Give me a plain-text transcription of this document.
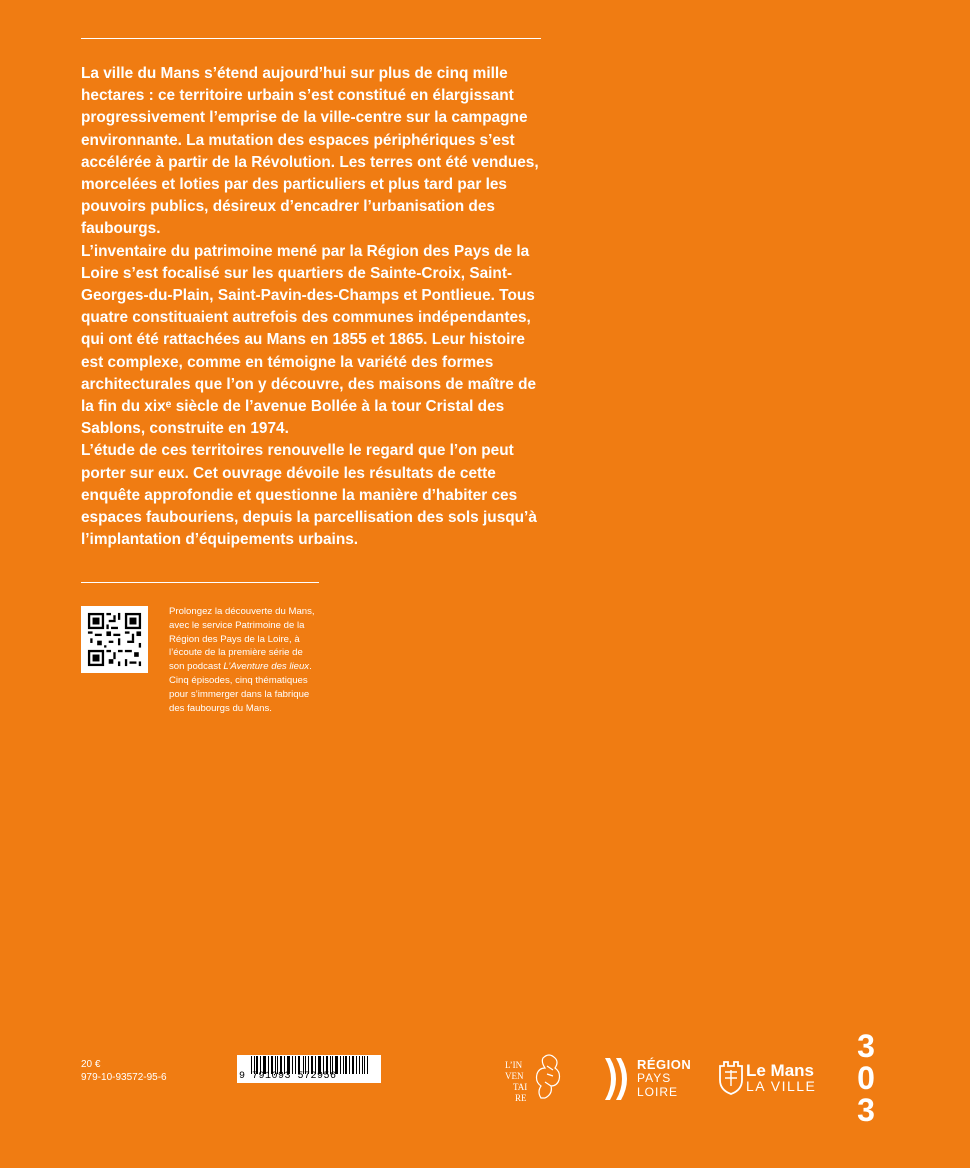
La ville du Mans s’étend aujourd’hui sur plus de cinq mille hectares : ce territoire urbain s’est constitué en élargissant progressivement l’emprise de la ville-centre sur la campagne environnante. La mutation des espaces périphériques s’est accélérée à partir de la Révolution. Les terres ont été vendues, morcelées et loties par des particuliers et plus tard par les pouvoirs publics, désireux d’encadrer l’urbanisation des faubourgs.

L’inventaire du patrimoine mené par la Région des Pays de la Loire s’est focalisé sur les quartiers de Sainte-Croix, Saint-Georges-du-Plain, Saint-Pavin-des-Champs et Pontlieue. Tous quatre constituaient autrefois des communes indépendantes, qui ont été rattachées au Mans en 1855 et 1865. Leur histoire est complexe, comme en témoigne la variété des formes architecturales que l’on y découvre, des maisons de maître de la fin du xixᵉ siècle de l’avenue Bollée à la tour Cristal des Sablons, construite en 1974.

L’étude de ces territoires renouvelle le regard que l’on peut porter sur eux. Cet ouvrage dévoile les résultats de cette enquête approfondie et questionne la manière d’habiter ces espaces faubouriens, depuis la parcellisation des sols jusqu’à l’implantation d’équipements urbains.

Prolongez la découverte du Mans, avec le service Patrimoine de la Région des Pays de la Loire, à l’écoute de la première série de son podcast L’Aventure des lieux. Cinq épisodes, cinq thématiques pour s’immerger dans la fabrique des faubourgs du Mans.
20 €
979-10-93572-95-6	9 791093 572956
L’IN
VEN
TAI
RE
RÉGION
PAYS
LOIRE
Le Mans
LA VILLE
3
0
3
